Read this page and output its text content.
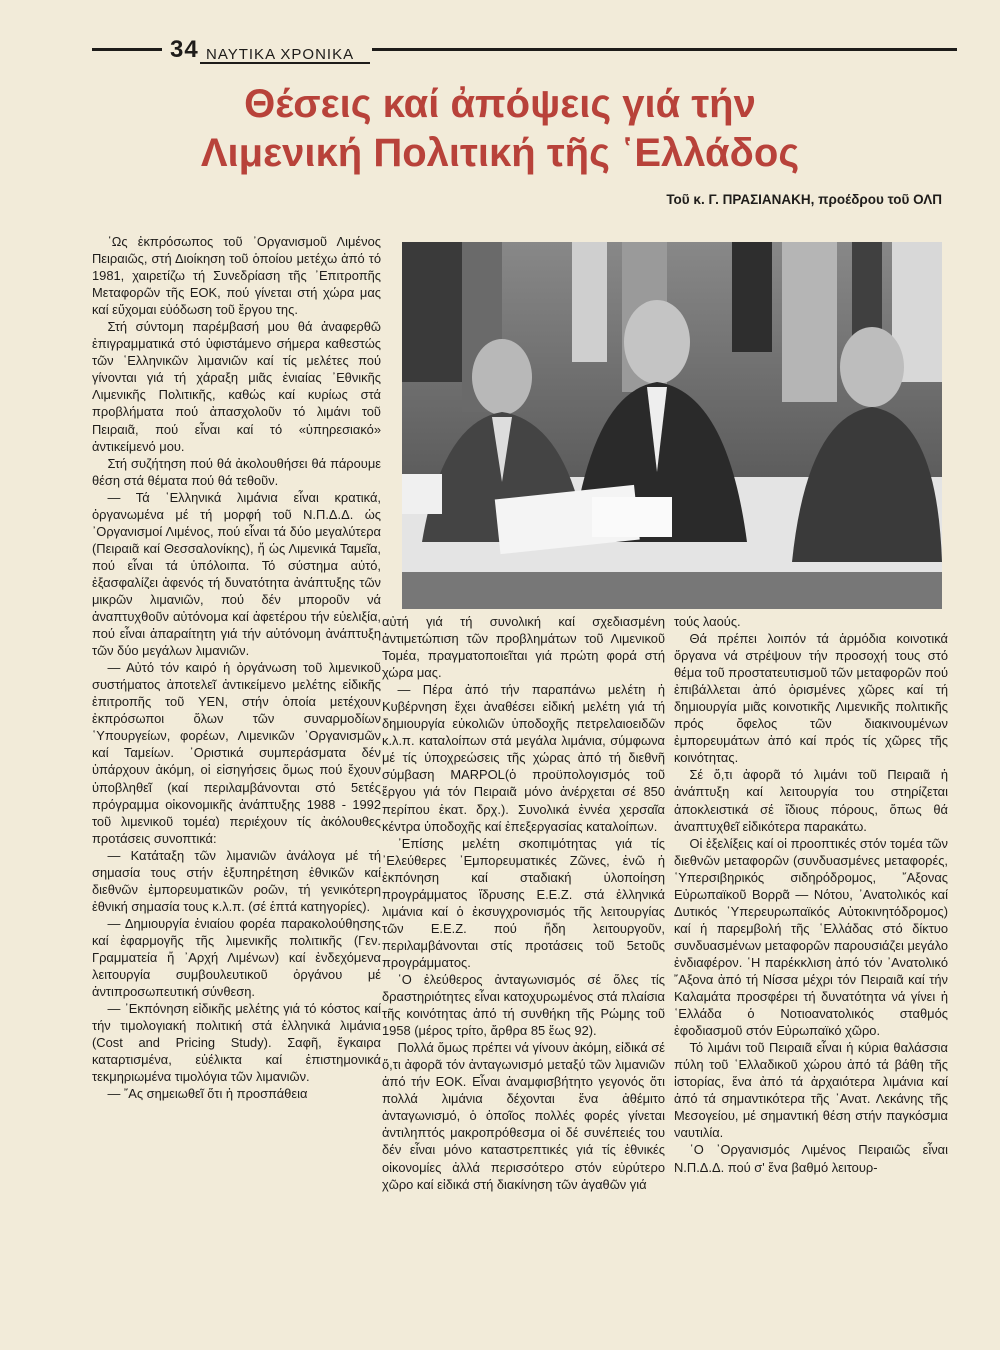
34 ΝΑΥΤΙΚΑ ΧΡΟΝΙΚΑ
Θέσεις καί ἀπόψεις γιά τήν
Λιμενική Πολιτική τῆς ῾Ελλάδος
Τοῦ κ. Γ. ΠΡΑΣΙΑΝΑΚΗ, προέδρου τοῦ ΟΛΠ

῾Ως ἐκπρόσωπος τοῦ ᾿Οργανισμοῦ Λιμένος Πειραιῶς, στή Διοίκηση τοῦ ὁποίου μετέχω ἀπό τό 1981, χαιρετίζω τή Συνεδρίαση τῆς ᾿Επιτροπῆς Μεταφορῶν τῆς ΕΟΚ, πού γίνεται στή χώρα μας καί εὔχομαι εὐόδωση τοῦ ἔργου της.

Στή σύντομη παρέμβασή μου θά ἀναφερθῶ ἐπιγραμματικά στό ὑφιστάμενο σήμερα καθεστώς τῶν ῾Ελληνικῶν λιμανιῶν καί τίς μελέτες πού γίνονται γιά τή χάραξη μιᾶς ἑνιαίας ᾿Εθνικῆς Λιμενικῆς Πολιτικῆς, καθώς καί κυρίως στά προβλήματα πού ἀπασχολοῦν τό λιμάνι τοῦ Πειραιᾶ, πού εἶναι καί τό «ὑπηρεσιακό» ἀντικείμενό μου.

Στή συζήτηση πού θά ἀκολουθήσει θά πάρουμε θέση στά θέματα πού θά τεθοῦν.

— Τά ῾Ελληνικά λιμάνια εἶναι κρατικά, ὀργανωμένα μέ τή μορφή τοῦ Ν.Π.Δ.Δ. ὡς ᾿Οργανισμοί Λιμένος, πού εἶναι τά δύο μεγαλύτερα (Πειραιᾶ καί Θεσσαλονίκης), ἤ ὡς Λιμενικά Ταμεῖα, πού εἶναι τά ὑπόλοιπα. Τό σύστημα αὐτό, ἐξασφαλίζει ἀφενός τή δυνατότητα ἀνάπτυξης τῶν μικρῶν λιμανιῶν, πού δέν μποροῦν νά ἀναπτυχθοῦν αὐτόνομα καί ἀφετέρου τήν εὐελιξία, πού εἶναι ἀπαραίτητη γιά τήν αὐτόνομη ἀνάπτυξη τῶν δύο μεγάλων λιμανιῶν.

— Αὐτό τόν καιρό ἡ ὀργάνωση τοῦ λιμενικοῦ συστήματος ἀποτελεῖ ἀντικείμενο μελέτης εἰδικῆς ἐπιτροπῆς τοῦ ΥΕΝ, στήν ὁποία μετέχουν ἐκπρόσωποι ὅλων τῶν συναρμοδίων ῾Υπουργείων, φορέων, Λιμενικῶν ᾿Οργανισμῶν καί Ταμείων. ᾿Οριστικά συμπεράσματα δέν ὑπάρχουν ἀκόμη, οἱ εἰσηγήσεις ὅμως πού ἔχουν ὑποβληθεῖ (καί περιλαμβάνονται στό 5ετές πρόγραμμα οἰκονομικῆς ἀνάπτυξης 1988 - 1992 τοῦ λιμενικοῦ τομέα) περιέχουν τίς ἀκόλουθες προτάσεις συνοπτικά:

— Κατάταξη τῶν λιμανιῶν ἀνάλογα μέ τή σημασία τους στήν ἐξυπηρέτηση ἐθνικῶν καί διεθνῶν ἐμπορευματικῶν ροῶν, τή γενικότερη ἐθνική σημασία τους κ.λ.π. (σέ ἑπτά κατηγορίες).

— Δημιουργία ἑνιαίου φορέα παρακολούθησης καί ἐφαρμογῆς τῆς λιμενικῆς πολιτικῆς (Γεν. Γραμματεία ἤ ᾿Αρχή Λιμένων) καί ἐνδεχόμενα λειτουργία συμβουλευτικοῦ ὀργάνου μέ ἀντιπροσωπευτική σύνθεση.

— ᾿Εκπόνηση εἰδικῆς μελέτης γιά τό κόστος καί τήν τιμολογιακή πολιτική στά ἑλληνικά λιμάνια (Cost and Pricing Study). Σαφῆ, ἔγκαιρα καταρτισμένα, εὐέλικτα καί ἐπιστημονικά τεκμηριωμένα τιμολόγια τῶν λιμανιῶν.

— ῎Ας σημειωθεῖ ὅτι ἡ προσπάθεια

αὐτή γιά τή συνολική καί σχεδιασμένη ἀντιμετώπιση τῶν προβλημάτων τοῦ Λιμενικοῦ Τομέα, πραγματοποιεῖται γιά πρώτη φορά στή χώρα μας.

— Πέρα ἀπό τήν παραπάνω μελέτη ἡ Κυβέρνηση ἔχει ἀναθέσει εἰδική μελέτη γιά τή δημιουργία εὐκολιῶν ὑποδοχῆς πετρελαιοειδῶν κ.λ.π. καταλοίπων στά μεγάλα λιμάνια, σύμφωνα μέ τίς ὑποχρεώσεις τῆς χώρας ἀπό τή διεθνῆ σύμβαση MARPOL(ὁ προϋπολογισμός τοῦ ἔργου γιά τόν Πειραιᾶ μόνο ἀνέρχεται σέ 850 περίπου ἑκατ. δρχ.). Συνολικά ἐννέα χερσαῖα κέντρα ὑποδοχῆς καί ἐπεξεργασίας καταλοίπων.

᾿Επίσης μελέτη σκοπιμότητας γιά τίς ᾿Ελεύθερες ᾿Εμπορευματικές Ζῶνες, ἐνῶ ἡ ἐκπόνηση καί σταδιακή ὑλοποίηση προγράμματος ἵδρυσης Ε.Ε.Ζ. στά ἑλληνικά λιμάνια καί ὁ ἐκσυγχρονισμός τῆς λειτουργίας τῶν Ε.Ε.Ζ. πού ἤδη λειτουργοῦν, περιλαμβάνονται στίς προτάσεις τοῦ 5ετοῦς προγράμματος.

῾Ο ἐλεύθερος ἀνταγωνισμός σέ ὅλες τίς δραστηριότητες εἶναι κατοχυρωμένος στά πλαίσια τῆς κοινότητας ἀπό τή συνθήκη τῆς Ρώμης τοῦ 1958 (μέρος τρίτο, ἄρθρα 85 ἕως 92).

Πολλά ὅμως πρέπει νά γίνουν ἀκόμη, εἰδικά σέ ὅ,τι ἀφορᾶ τόν ἀνταγωνισμό μεταξύ τῶν λιμανιῶν ἀπό τήν ΕΟΚ. Εἶναι ἀναμφισβήτητο γεγονός ὅτι πολλά λιμάνια δέχονται ἕνα ἀθέμιτο ἀνταγωνισμό, ὁ ὁποῖος πολλές φορές γίνεται ἀντιληπτός μακροπρόθεσμα οἱ δέ συνέπειές του δέν εἶναι μόνο καταστρεπτικές γιά τίς ἐθνικές οἰκονομίες ἀλλά περισσότερο στόν εὐρύτερο χῶρο καί εἰδικά στή διακίνηση τῶν ἀγαθῶν γιά

τούς λαούς.

Θά πρέπει λοιπόν τά ἁρμόδια κοινοτικά ὄργανα νά στρέψουν τήν προσοχή τους στό θέμα τοῦ προστατευτισμοῦ τῶν μεταφορῶν πού ἐπιβάλλεται ἀπό ὁρισμένες χῶρες καί τή δημιουργία μιᾶς κοινοτικῆς Λιμενικῆς πολιτικῆς πρός ὄφελος τῶν διακινουμένων ἐμπορευμάτων ἀπό καί πρός τίς χῶρες τῆς κοινότητας.

Σέ ὅ,τι ἀφορᾶ τό λιμάνι τοῦ Πειραιᾶ ἡ ἀνάπτυξη καί λειτουργία του στηρίζεται ἀποκλειστικά σέ ἴδιους πόρους, ὅπως θά ἀναπτυχθεῖ εἰδικότερα παρακάτω.

Οἱ ἐξελίξεις καί οἱ προοπτικές στόν τομέα τῶν διεθνῶν μεταφορῶν (συνδυασμένες μεταφορές, ῾Υπερσιβηρικός σιδηρόδρομος, ῎Αξονας Εὐρωπαϊκοῦ Βορρᾶ — Νότου, ᾿Ανατολικός καί Δυτικός ῾Υπερευρωπαϊκός Αὐτοκινητόδρομος) καί ἡ παρεμβολή τῆς ῾Ελλάδας στό δίκτυο συνδυασμένων μεταφορῶν παρουσιάζει μεγάλο ἐνδιαφέρον. ῾Η παρέκκλιση ἀπό τόν ᾿Ανατολικό ῎Αξονα ἀπό τή Νίσσα μέχρι τόν Πειραιᾶ καί τήν Καλαμάτα προσφέρει τή δυνατότητα νά γίνει ἡ ῾Ελλάδα ὁ Νοτιοανατολικός σταθμός ἐφοδιασμοῦ στόν Εὐρωπαϊκό χῶρο.

Τό λιμάνι τοῦ Πειραιᾶ εἶναι ἡ κύρια θαλάσσια πύλη τοῦ ῾Ελλαδικοῦ χώρου ἀπό τά βάθη τῆς ἱστορίας, ἕνα ἀπό τά ἀρχαιότερα λιμάνια καί ἀπό τά σημαντικότερα τῆς ᾿Ανατ. Λεκάνης τῆς Μεσογείου, μέ σημαντική θέση στήν παγκόσμια ναυτιλία.

῾Ο ᾿Οργανισμός Λιμένος Πειραιῶς εἶναι Ν.Π.Δ.Δ. πού σ' ἕνα βαθμό λειτουρ-
